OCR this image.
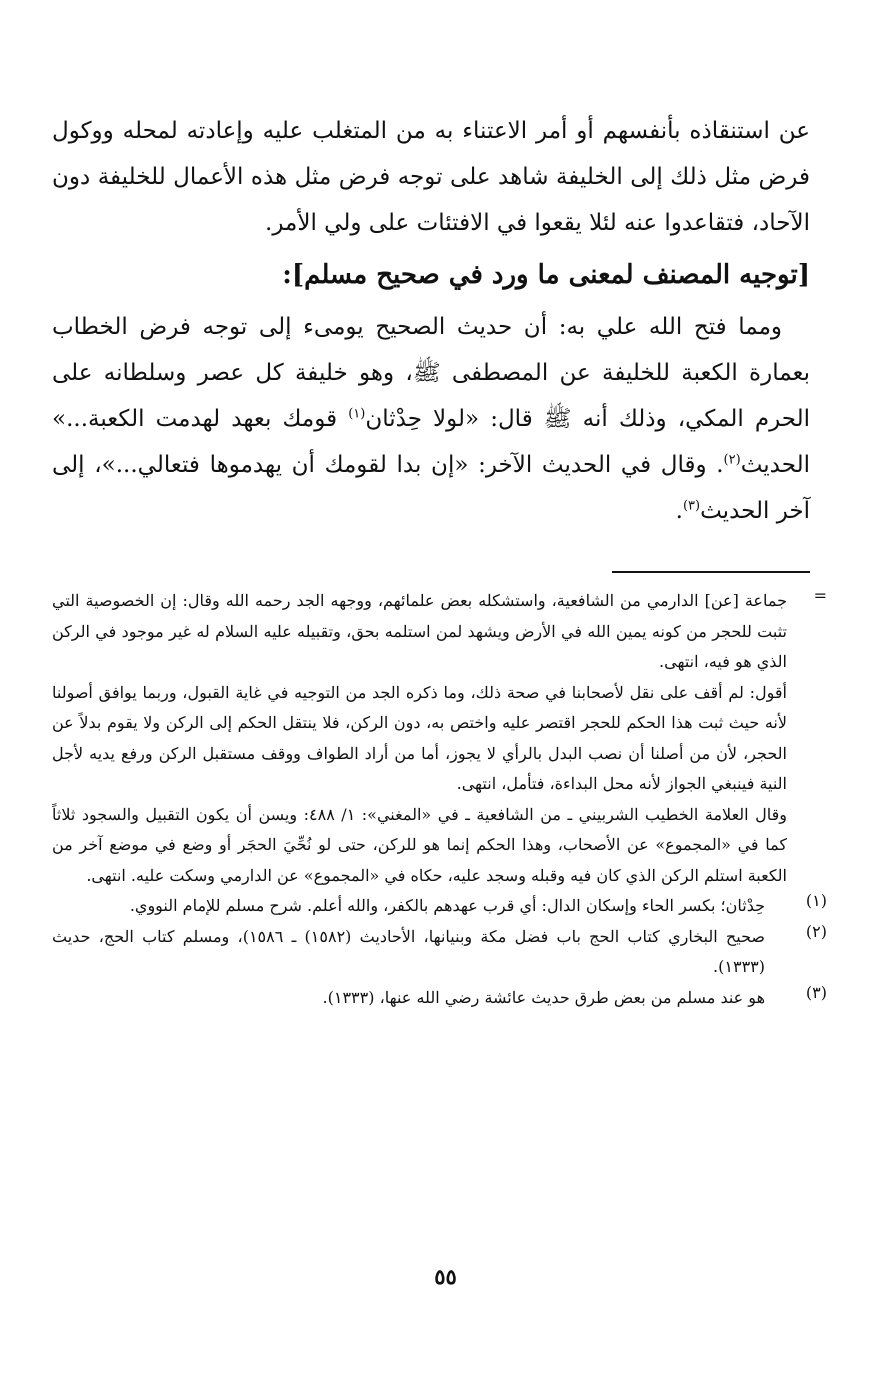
عن استنقاذه بأنفسهم أو أمر الاعتناء به من المتغلب عليه وإعادته لمحله ووكول فرض مثل ذلك إلى الخليفة شاهد على توجه فرض مثل هذه الأعمال للخليفة دون الآحاد، فتقاعدوا عنه لئلا يقعوا في الافتئات على ولي الأمر.

[توجيه المصنف لمعنى ما ورد في صحيح مسلم]:

ومما فتح الله علي به: أن حديث الصحيح يومىء إلى توجه فرض الخطاب بعمارة الكعبة للخليفة عن المصطفى ﷺ، وهو خليفة كل عصر وسلطانه على الحرم المكي، وذلك أنه ﷺ قال: «لولا حِدْثان$^{(١)}$ قومك بعهد لهدمت الكعبة...» الحديث$^{(٢)}$. وقال في الحديث الآخر: «إن بدا لقومك أن يهدموها فتعالي...»، إلى آخر الحديث$^{(٣)}$.

=

جماعة [عن] الدارمي من الشافعية، واستشكله بعض علمائهم، ووجهه الجد رحمه الله وقال: إن الخصوصية التي تثبت للحجر من كونه يمين الله في الأرض ويشهد لمن استلمه بحق، وتقبيله عليه السلام له غير موجود في الركن الذي هو فيه، انتهى.

أقول: لم أقف على نقل لأصحابنا في صحة ذلك، وما ذكره الجد من التوجيه في غاية القبول، وربما يوافق أصولنا لأنه حيث ثبت هذا الحكم للحجر اقتصر عليه واختص به، دون الركن، فلا ينتقل الحكم إلى الركن ولا يقوم بدلاً عن الحجر، لأن من أصلنا أن نصب البدل بالرأي لا يجوز، أما من أراد الطواف ووقف مستقبل الركن ورفع يديه لأجل النية فينبغي الجواز لأنه محل البداءة، فتأمل، انتهى.

وقال العلامة الخطيب الشربيني ـ من الشافعية ـ في «المغني»: ١/ ٤٨٨: ويسن أن يكون التقبيل والسجود ثلاثاً كما في «المجموع» عن الأصحاب، وهذا الحكم إنما هو للركن، حتى لو نُحِّيَ الحجَر أو وضع في موضع آخر من الكعبة استلم الركن الذي كان فيه وقبله وسجد عليه، حكاه في «المجموع» عن الدارمي وسكت عليه. انتهى.

(١)

حِدْثان؛ بكسر الحاء وإسكان الدال: أي قرب عهدهم بالكفر، والله أعلم. شرح مسلم للإمام النووي.

(٢)

صحيح البخاري كتاب الحج باب فضل مكة وبنيانها، الأحاديث (١٥٨٢) ـ ١٥٨٦)، ومسلم كتاب الحج، حديث (١٣٣٣).

(٣)

هو عند مسلم من بعض طرق حديث عائشة رضي الله عنها، (١٣٣٣).

٥٥
